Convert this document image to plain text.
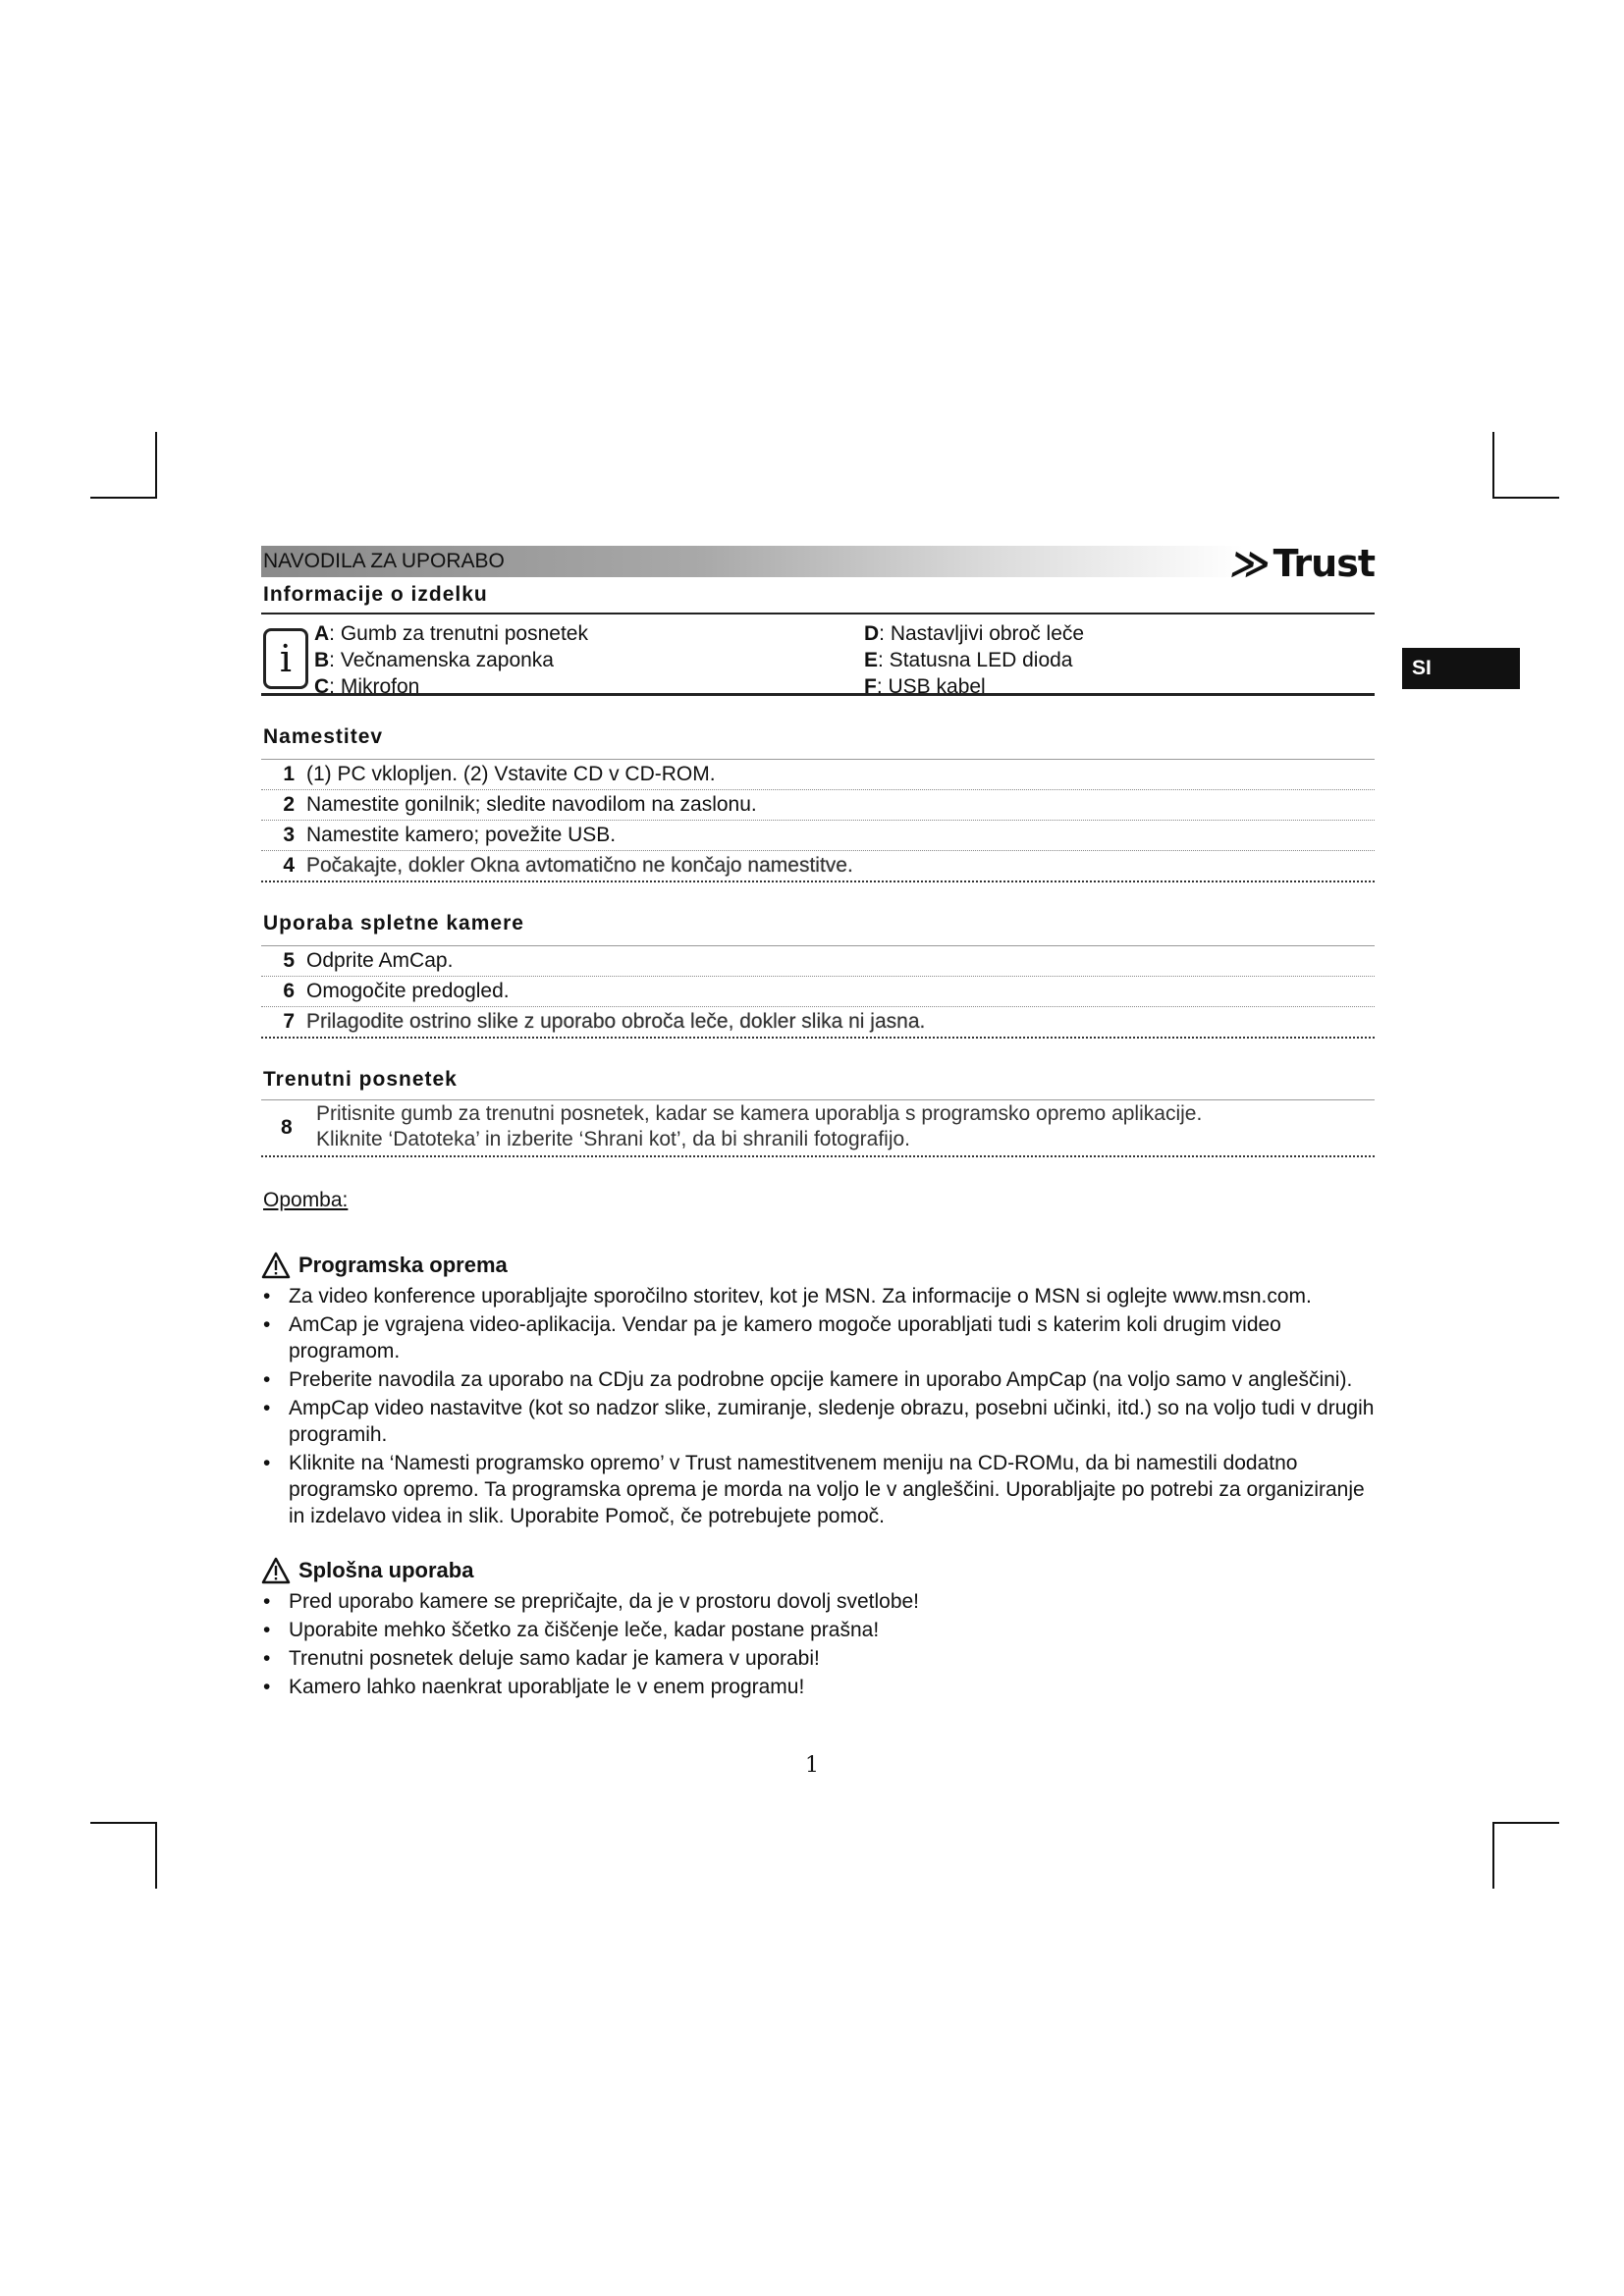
SI
NAVODILA ZA UPORABO	≫Trust
Informacije o izdelku
i
A: Gumb za trenutni posnetek
B: Večnamenska zaponka
C: Mikrofon
D: Nastavljivi obroč leče
E: Statusna LED dioda
F: USB kabel
Namestitev
1 (1) PC vklopljen. (2) Vstavite CD v CD-ROM.
2 Namestite gonilnik; sledite navodilom na zaslonu.
3 Namestite kamero; povežite USB.
4 Počakajte, dokler Okna avtomatično ne končajo namestitve.
Uporaba spletne kamere
5 Odprite AmCap.
6 Omogočite predogled.
7 Prilagodite ostrino slike z uporabo obroča leče, dokler slika ni jasna.
Trenutni posnetek
8
Pritisnite gumb za trenutni posnetek, kadar se kamera uporablja s programsko opremo aplikacije.
Kliknite ‘Datoteka’ in izberite ‘Shrani kot’, da bi shranili fotografijo.
Opomba:
Programska oprema
• Za video konference uporabljajte sporočilno storitev, kot je MSN. Za informacije o MSN si oglejte www.msn.com.
• AmCap je vgrajena video-aplikacija. Vendar pa je kamero mogoče uporabljati tudi s katerim koli drugim video programom.
• Preberite navodila za uporabo na CDju za podrobne opcije kamere in uporabo AmpCap (na voljo samo v angleščini).
• AmpCap video nastavitve (kot so nadzor slike, zumiranje, sledenje obrazu, posebni učinki, itd.) so na voljo tudi v drugih programih.
• Kliknite na ‘Namesti programsko opremo’ v Trust namestitvenem meniju na CD-ROMu, da bi namestili dodatno programsko opremo. Ta programska oprema je morda na voljo le v angleščini. Uporabljajte po potrebi za organiziranje in izdelavo videa in slik. Uporabite Pomoč, če potrebujete pomoč.
Splošna uporaba
• Pred uporabo kamere se prepričajte, da je v prostoru dovolj svetlobe!
• Uporabite mehko ščetko za čiščenje leče, kadar postane prašna!
• Trenutni posnetek deluje samo kadar je kamera v uporabi!
• Kamero lahko naenkrat uporabljate le v enem programu!
1
